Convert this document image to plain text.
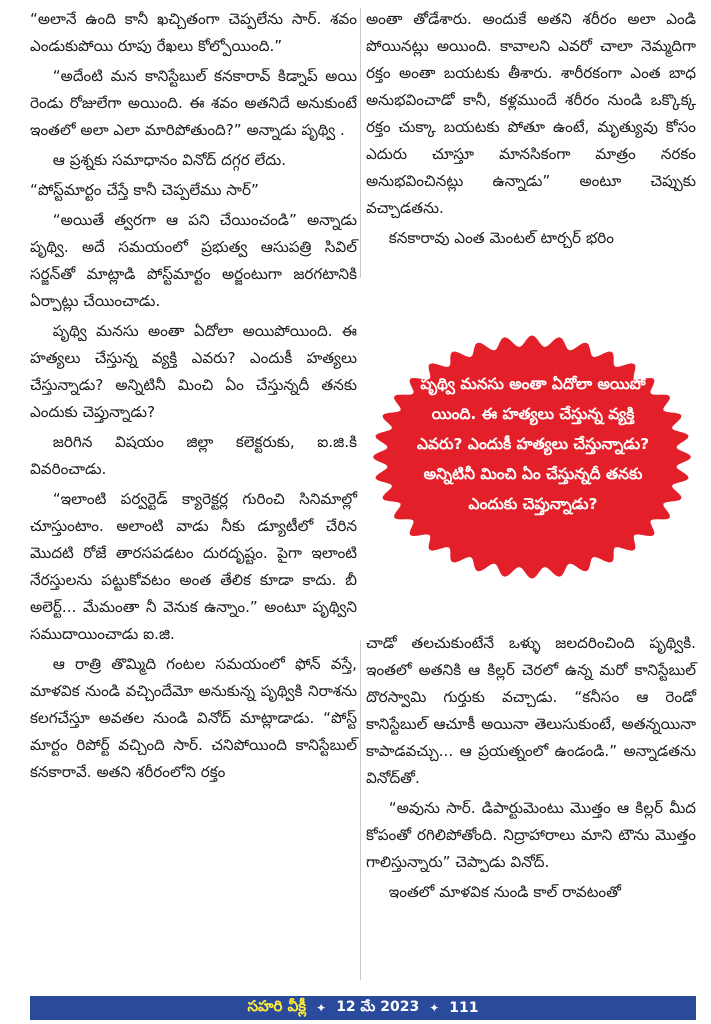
“అలానే ఉంది కానీ ఖచ్చితంగా చెప్పలేను సార్. శవం ఎండుకుపోయి రూపు రేఖలు కోల్పోయింది.”

“అదేంటి మన కానిస్టేబుల్ కనకారావ్ కిడ్నాప్ అయి రెండు రోజులేగా అయింది. ఈ శవం అతనిదే అనుకుంటే ఇంతలో అలా ఎలా మారిపోతుంది?” అన్నాడు పృథ్వి .

ఆ ప్రశ్నకు సమాధానం వినోద్ దగ్గర లేదు.

“పోస్ట్‌మార్టం చేస్తే కానీ చెప్పలేము సార్”

“అయితే త్వరగా ఆ పని చేయించండి” అన్నాడు పృథ్వి. అదే సమయంలో ప్రభుత్వ ఆసుపత్రి సివిల్ సర్జన్‌తో మాట్లాడి పోస్ట్‌మార్టం అర్జంటుగా జరగటానికి ఏర్పాట్లు చేయించాడు.

పృథ్వి మనసు అంతా ఏదోలా అయిపోయింది. ఈ హత్యలు చేస్తున్న వ్యక్తి ఎవరు? ఎందుకీ హత్యలు చేస్తున్నాడు? అన్నిటినీ మించి ఏం చేస్తున్నదీ తనకు ఎందుకు చెప్తున్నాడు?

జరిగిన విషయం జిల్లా కలెక్టరుకు, ఐ.జి.కి వివరించాడు.

“ఇలాంటి పర్వర్టెడ్ క్యారెక్టర్ల గురించి సినిమాల్లో చూస్తుంటాం. అలాంటి వాడు నీకు డ్యూటీలో చేరిన మొదటి రోజే తారసపడటం దురదృష్టం. పైగా ఇలాంటి నేరస్తులను పట్టుకోవటం అంత తేలిక కూడా కాదు. బీ అలెర్ట్... మేమంతా నీ వెనుక ఉన్నాం.” అంటూ పృథ్విని సముదాయించాడు ఐ.జి.

ఆ రాత్రి తొమ్మిది గంటల సమయంలో ఫోన్ వస్తే, మాళవిక నుండి వచ్చిందేమో అనుకున్న పృథ్వికి నిరాశను కలగచేస్తూ అవతల నుండి వినోద్ మాట్లాడాడు. “పోస్ట్ మార్టం రిపోర్ట్ వచ్చింది సార్. చనిపోయింది కానిస్టేబుల్ కనకారావే. అతని శరీరంలోని రక్తం

అంతా తోడేశారు. అందుకే అతని శరీరం అలా ఎండి పోయినట్లు అయింది. కావాలని ఎవరో చాలా నెమ్మదిగా రక్తం అంతా బయటకు తీశారు. శారీరకంగా ఎంత బాధ అనుభవించాడో కానీ, కళ్లముందే శరీరం నుండి ఒక్కొక్క రక్తం చుక్కా బయటకు పోతూ ఉంటే, మృత్యువు కోసం ఎదురు చూస్తూ మానసికంగా మాత్రం నరకం అనుభవించినట్లు ఉన్నాడు” అంటూ చెప్పుకు వచ్చాడతను.

కనకారావు ఎంత మెంటల్ టార్చర్ భరిం

పృథ్వి మనసు అంతా ఏదోలా అయిపో యింది. ఈ హత్యలు చేస్తున్న వ్యక్తి ఎవరు? ఎందుకీ హత్యలు చేస్తున్నాడు? అన్నిటినీ మించి ఏం చేస్తున్నదీ తనకు ఎందుకు చెప్తున్నాడు?

చాడో తలచుకుంటేనే ఒళ్ళు జలదరించింది పృథ్వికి. ఇంతలో అతనికి ఆ కిల్లర్ చెరలో ఉన్న మరో కానిస్టేబుల్ దొరస్వామి గుర్తుకు వచ్చాడు. “కనీసం ఆ రెండో కానిస్టేబుల్ ఆచూకీ అయినా తెలుసుకుంటే, అతన్నయినా కాపాడవచ్చు... ఆ ప్రయత్నంలో ఉండండి.” అన్నాడతను వినోద్‌తో.

“అవును సార్. డిపార్టుమెంటు మొత్తం ఆ కిల్లర్ మీద కోపంతో రగిలిపోతోంది. నిద్రాహారాలు మాని టౌను మొత్తం గాలిస్తున్నారు” చెప్పాడు వినోద్.

ఇంతలో మాళవిక నుండి కాల్ రావటంతో

సహరి వీక్లీ ✦ 12 మే 2023 ✦ 111
